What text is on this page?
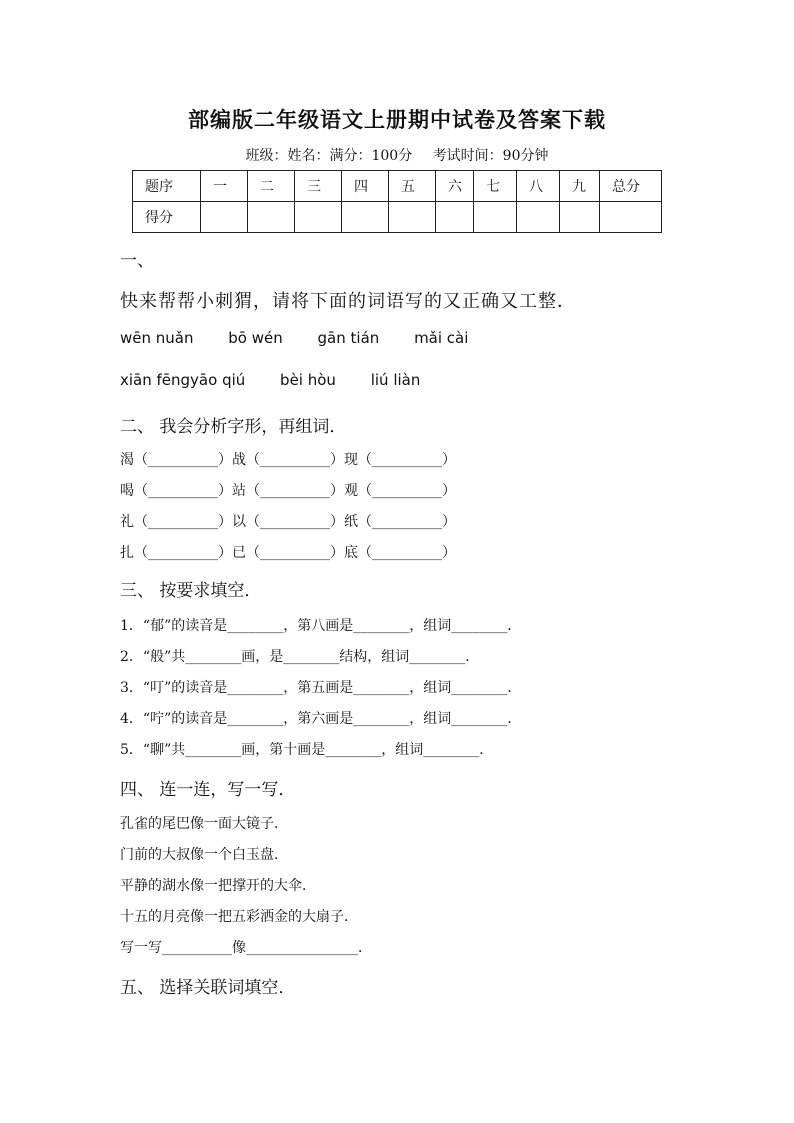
部编版二年级语文上册期中试卷及答案下载
班级：姓名：满分：100分 考试时间：90分钟
题序	一	二	三	四	五	六	七	八	九	总分
得分										
一、
快来帮帮小刺猬，请将下面的词语写的又正确又工整．
wēn nuǎn bō wén gān tián mǎi cài
xiān fēngyāo qiú bèi hòu liú liàn
二、 我会分析字形，再组词．
渴（__________）战（__________）现（__________）
喝（__________）站（__________）观（__________）
礼（__________）以（__________）纸（__________）
扎（__________）已（__________）底（__________）
三、 按要求填空．
1．“郁”的读音是________，第八画是________，组词________．
2．“般”共________画，是________结构，组词________．
3．“叮”的读音是________，第五画是________，组词________．
4．“咛”的读音是________，第六画是________，组词________．
5．“聊”共________画，第十画是________，组词________．
四、 连一连，写一写．
孔雀的尾巴像一面大镜子．
门前的大叔像一个白玉盘．
平静的湖水像一把撑开的大伞．
十五的月亮像一把五彩洒金的大扇子．
写一写__________像________________．
五、 选择关联词填空．
